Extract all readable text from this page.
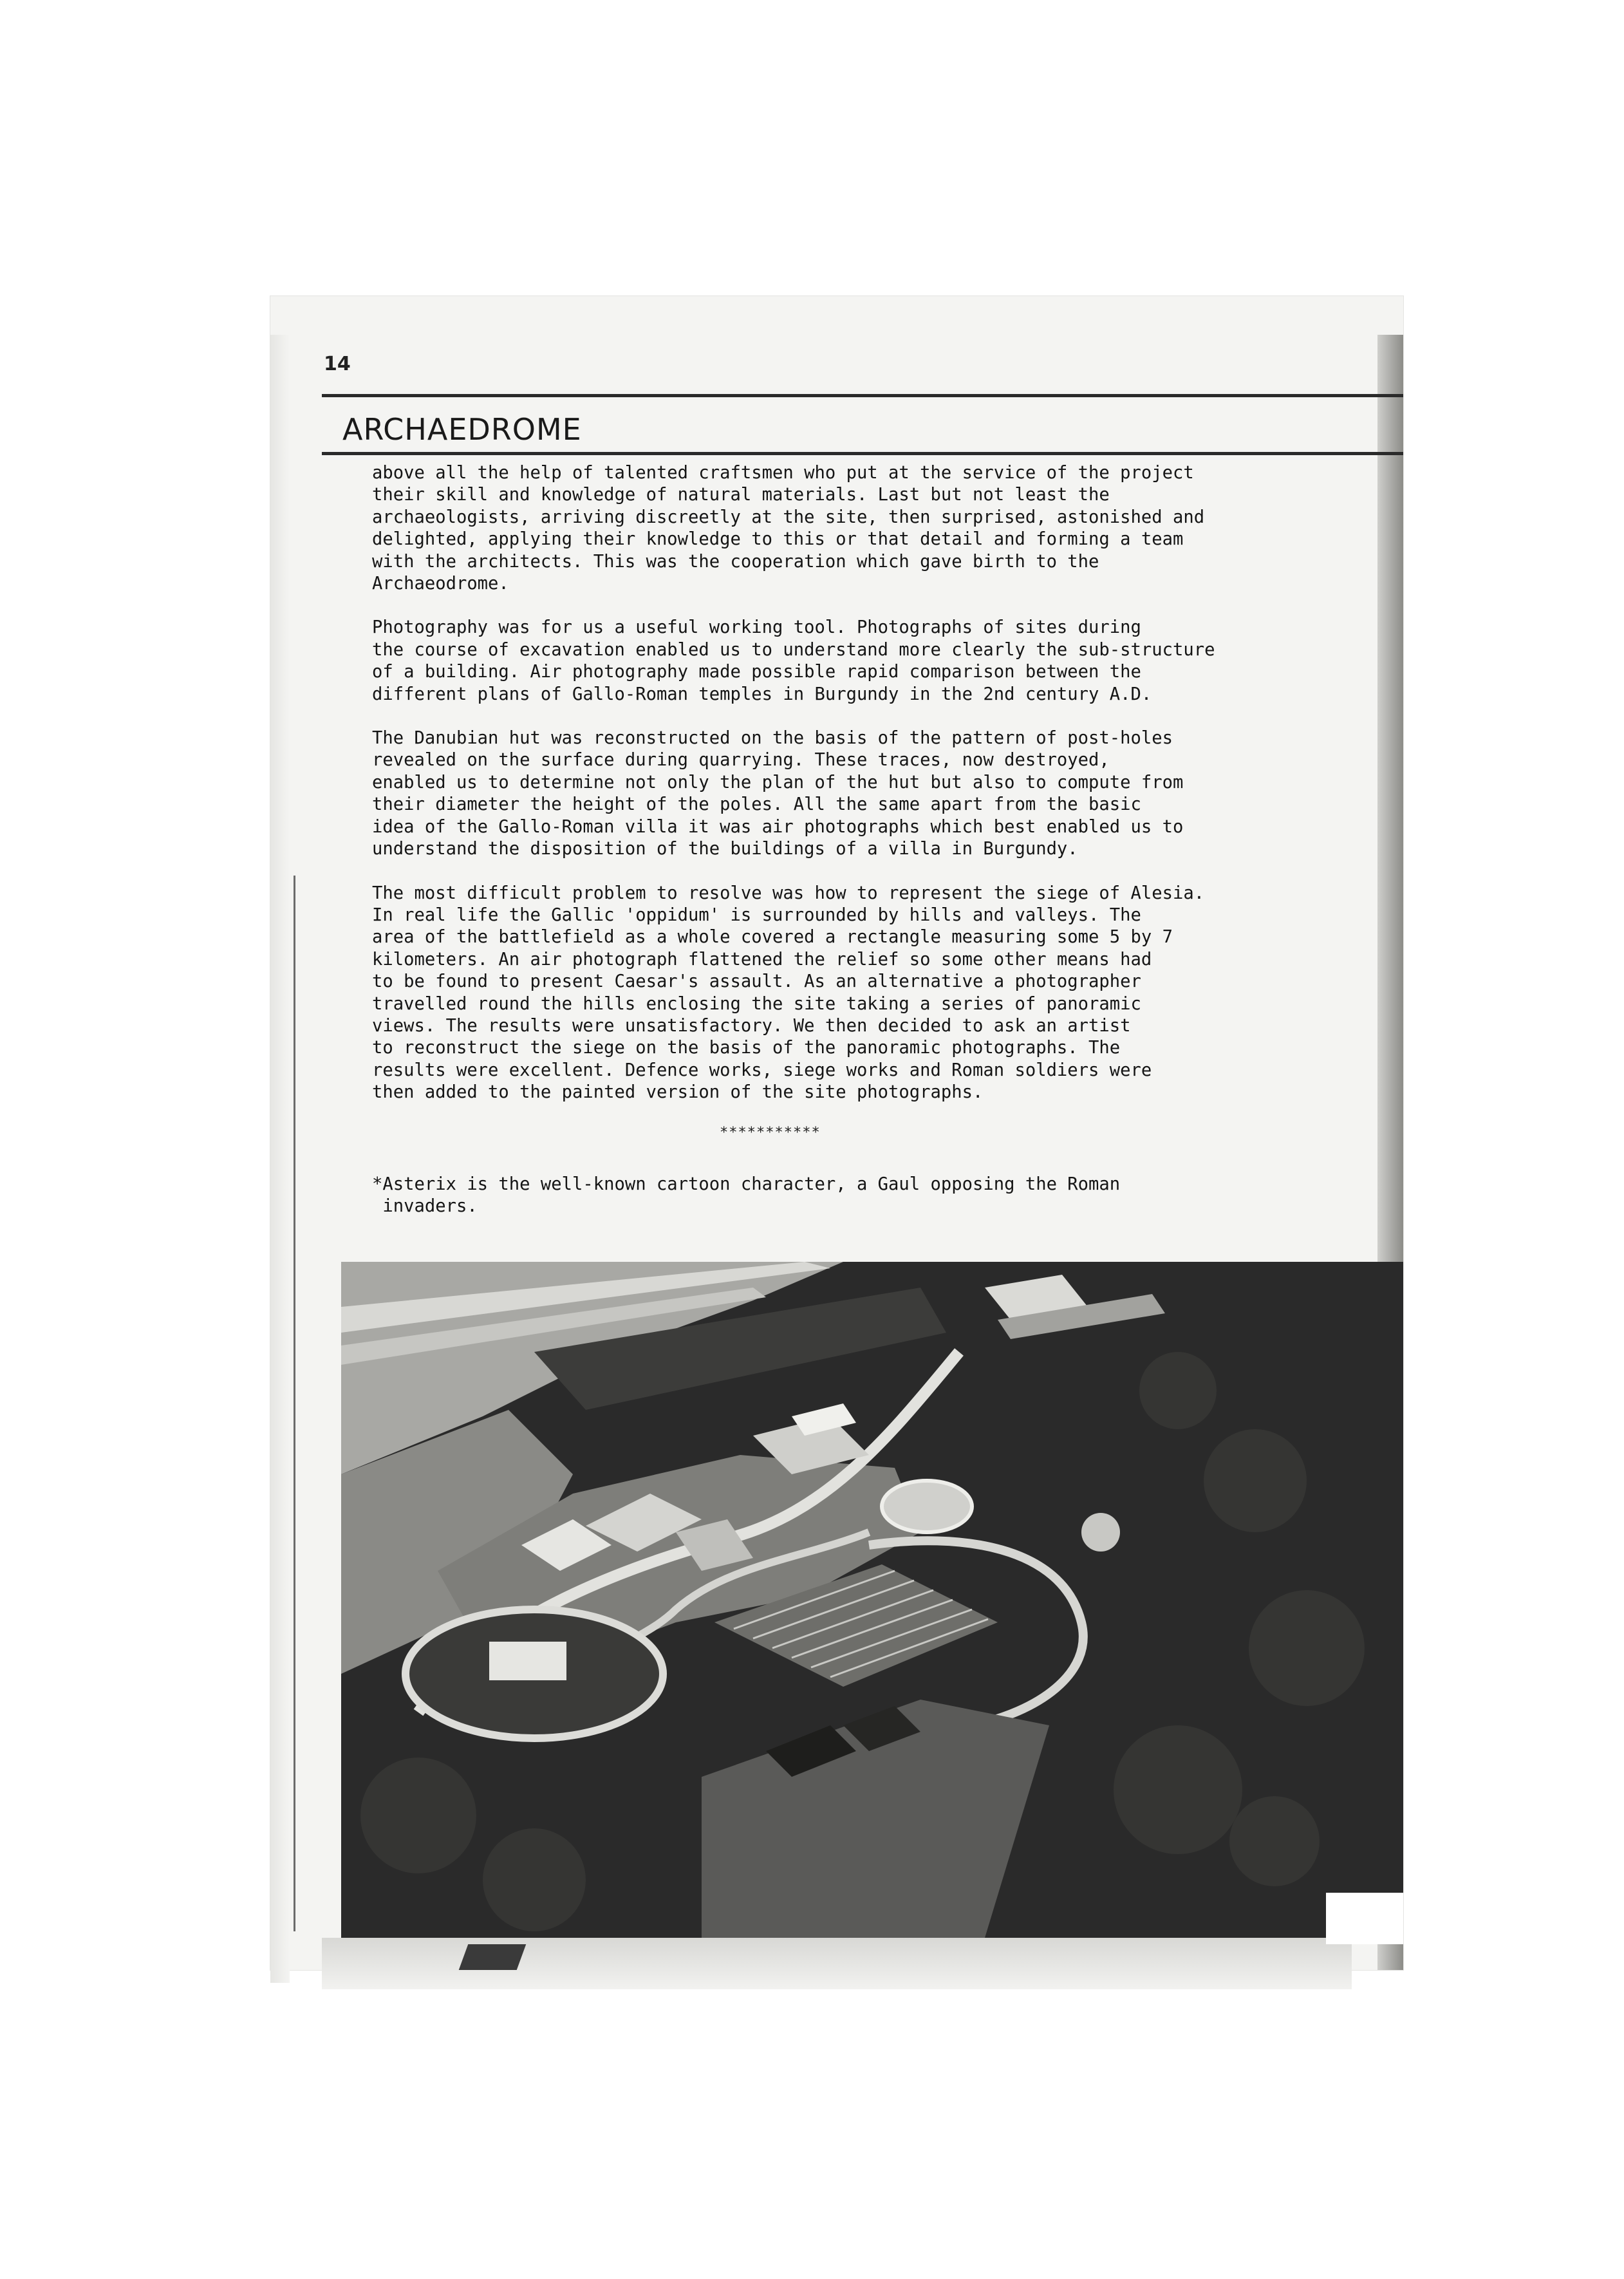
14
ARCHAEDROME

above all the help of talented craftsmen who put at the service of the project
their skill and knowledge of natural materials. Last but not least the
archaeologists, arriving discreetly at the site, then surprised, astonished and
delighted, applying their knowledge to this or that detail and forming a team
with the architects. This was the cooperation which gave birth to the
Archaeodrome.

Photography was for us a useful working tool. Photographs of sites during
the course of excavation enabled us to understand more clearly the sub-structure
of a building. Air photography made possible rapid comparison between the
different plans of Gallo-Roman temples in Burgundy in the 2nd century A.D.

The Danubian hut was reconstructed on the basis of the pattern of post-holes
revealed on the surface during quarrying. These traces, now destroyed,
enabled us to determine not only the plan of the hut but also to compute from
their diameter the height of the poles. All the same apart from the basic
idea of the Gallo-Roman villa it was air photographs which best enabled us to
understand the disposition of the buildings of a villa in Burgundy.

The most difficult problem to resolve was how to represent the siege of Alesia.
In real life the Gallic 'oppidum' is surrounded by hills and valleys. The
area of the battlefield as a whole covered a rectangle measuring some 5 by 7
kilometers. An air photograph flattened the relief so some other means had
to be found to present Caesar's assault. As an alternative a photographer
travelled round the hills enclosing the site taking a series of panoramic
views. The results were unsatisfactory. We then decided to ask an artist
to reconstruct the siege on the basis of the panoramic photographs. The
results were excellent. Defence works, siege works and Roman soldiers were
then added to the painted version of the site photographs.

***********

*Asterix is the well-known cartoon character, a Gaul opposing the Roman
invaders.
